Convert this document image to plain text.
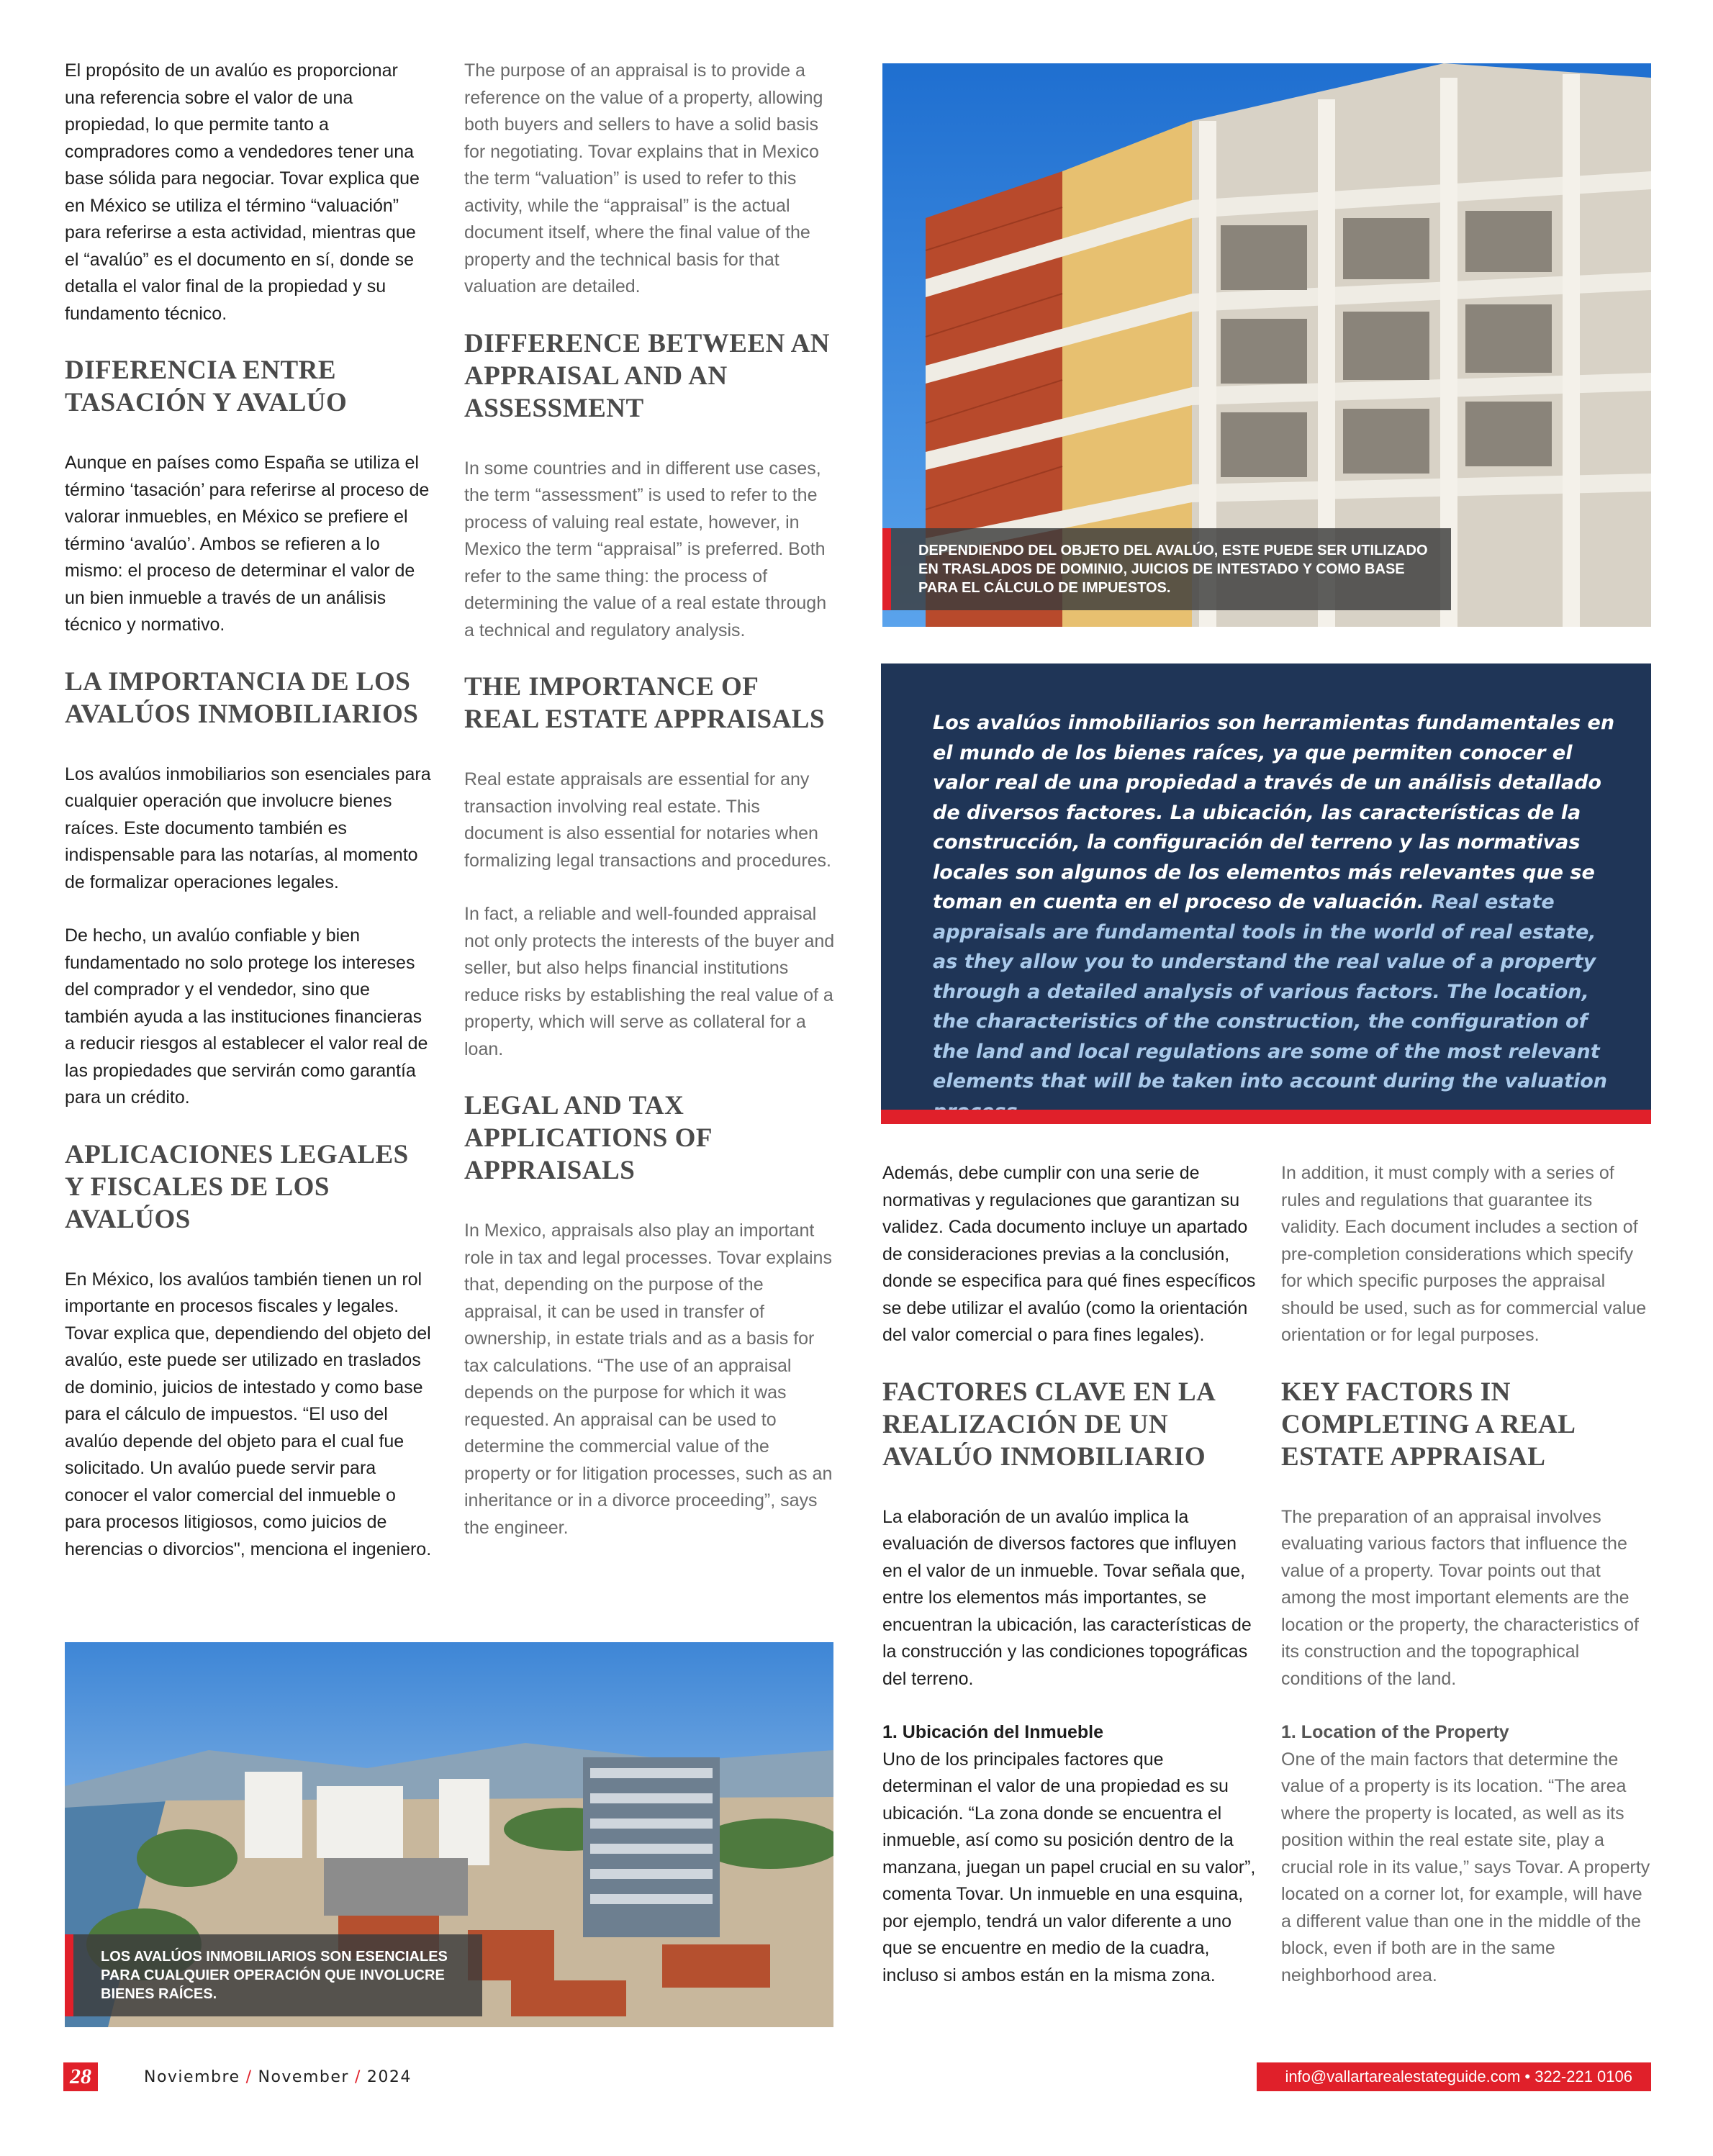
El propósito de un avalúo es proporcionar una referencia sobre el valor de una propiedad, lo que permite tanto a compradores como a vendedores tener una base sólida para negociar. Tovar explica que en México se utiliza el término “valuación” para referirse a esta actividad, mientras que el “avalúo” es el documento en sí, donde se detalla el valor final de la propiedad y su fundamento técnico.

DIFERENCIA ENTRE TASACIÓN Y AVALÚO

Aunque en países como España se utiliza el término ‘tasación’ para referirse al proceso de valorar inmuebles, en México se prefiere el término ‘avalúo’. Ambos se refieren a lo mismo: el proceso de determinar el valor de un bien inmueble a través de un análisis técnico y normativo.

LA IMPORTANCIA DE LOS AVALÚOS INMOBILIARIOS

Los avalúos inmobiliarios son esenciales para cualquier operación que involucre bienes raíces. Este documento también es indispensable para las notarías, al momento de formalizar operaciones legales.

De hecho, un avalúo confiable y bien fundamentado no solo protege los intereses del comprador y el vendedor, sino que también ayuda a las instituciones financieras a reducir riesgos al establecer el valor real de las propiedades que servirán como garantía para un crédito.

APLICACIONES LEGALES Y FISCALES DE LOS AVALÚOS

En México, los avalúos también tienen un rol importante en procesos fiscales y legales. Tovar explica que, dependiendo del objeto del avalúo, este puede ser utilizado en traslados de dominio, juicios de intestado y como base para el cálculo de impuestos. “El uso del avalúo depende del objeto para el cual fue solicitado. Un avalúo puede servir para conocer el valor comercial del inmueble o para procesos litigiosos, como juicios de herencias o divorcios", menciona el ingeniero.

The purpose of an appraisal is to provide a reference on the value of a property, allowing both buyers and sellers to have a solid basis for negotiating. Tovar explains that in Mexico the term “valuation” is used to refer to this activity, while the “appraisal” is the actual document itself, where the final value of the property and the technical basis for that valuation are detailed.

DIFFERENCE BETWEEN AN APPRAISAL AND AN ASSESSMENT

In some countries and in different use cases, the term “assessment” is used to refer to the process of valuing real estate, however, in Mexico the term “appraisal” is preferred. Both refer to the same thing: the process of determining the value of a real estate through a technical and regulatory analysis.

THE IMPORTANCE OF REAL ESTATE APPRAISALS

Real estate appraisals are essential for any transaction involving real estate. This document is also essential for notaries when formalizing legal transactions and procedures.

In fact, a reliable and well-founded appraisal not only protects the interests of the buyer and seller, but also helps financial institutions reduce risks by establishing the real value of a property, which will serve as collateral for a loan.

LEGAL AND TAX APPLICATIONS OF APPRAISALS

In Mexico, appraisals also play an important role in tax and legal processes. Tovar explains that, depending on the purpose of the appraisal, it can be used in transfer of ownership, in estate trials and as a basis for tax calculations. “The use of an appraisal depends on the purpose for which it was requested. An appraisal can be used to determine the commercial value of the property or for litigation processes, such as an inheritance or in a divorce proceeding”, says the engineer.

DEPENDIENDO DEL OBJETO DEL AVALÚO, ESTE PUEDE SER UTILIZADO EN TRASLADOS DE DOMINIO, JUICIOS DE INTESTADO Y COMO BASE PARA EL CÁLCULO DE IMPUESTOS.
Los avalúos inmobiliarios son herramientas fundamentales en el mundo de los bienes raíces, ya que permiten conocer el valor real de una propiedad a través de un análisis detallado de diversos factores. La ubicación, las características de la construcción, la configuración del terreno y las normativas locales son algunos de los elementos más relevantes que se toman en cuenta en el proceso de valuación. Real estate appraisals are fundamental tools in the world of real estate, as they allow you to understand the real value of a property through a detailed analysis of various factors. The location, the characteristics of the construction, the configuration of the land and local regulations are some of the most relevant elements that will be taken into account during the valuation

Además, debe cumplir con una serie de normativas y regulaciones que garantizan su validez. Cada documento incluye un apartado de consideraciones previas a la conclusión, donde se especifica para qué fines específicos se debe utilizar el avalúo (como la orientación del valor comercial o para fines legales).

FACTORES CLAVE EN LA REALIZACIÓN DE UN AVALÚO INMOBILIARIO

La elaboración de un avalúo implica la evaluación de diversos factores que influyen en el valor de un inmueble. Tovar señala que, entre los elementos más importantes, se encuentran la ubicación, las características de la construcción y las condiciones topográficas del terreno.

1. Ubicación del Inmueble
Uno de los principales factores que determinan el valor de una propiedad es su ubicación. “La zona donde se encuentra el inmueble, así como su posición dentro de la manzana, juegan un papel crucial en su valor”, comenta Tovar. Un inmueble en una esquina, por ejemplo, tendrá un valor diferente a uno que se encuentre en medio de la cuadra, incluso si ambos están en la misma zona.

In addition, it must comply with a series of rules and regulations that guarantee its validity. Each document includes a section of pre-completion considerations which specify for which specific purposes the appraisal should be used, such as for commercial value orientation or for legal purposes.

KEY FACTORS IN COMPLETING A REAL ESTATE APPRAISAL

The preparation of an appraisal involves evaluating various factors that influence the value of a property. Tovar points out that among the most important elements are the location or the property, the characteristics of its construction and the topographical conditions of the land.

1. Location of the Property
One of the main factors that determine the value of a property is its location. “The area where the property is located, as well as its position within the real estate site, play a crucial role in its value,” says Tovar. A property located on a corner lot, for example, will have a different value than one in the middle of the block, even if both are in the same neighborhood area.

LOS AVALÚOS INMOBILIARIOS SON ESENCIALES PARA CUALQUIER OPERACIÓN QUE INVOLUCRE BIENES RAÍCES.
28	Noviembre / November / 2024	info@vallartarealestateguide.com • 322-221 0106
